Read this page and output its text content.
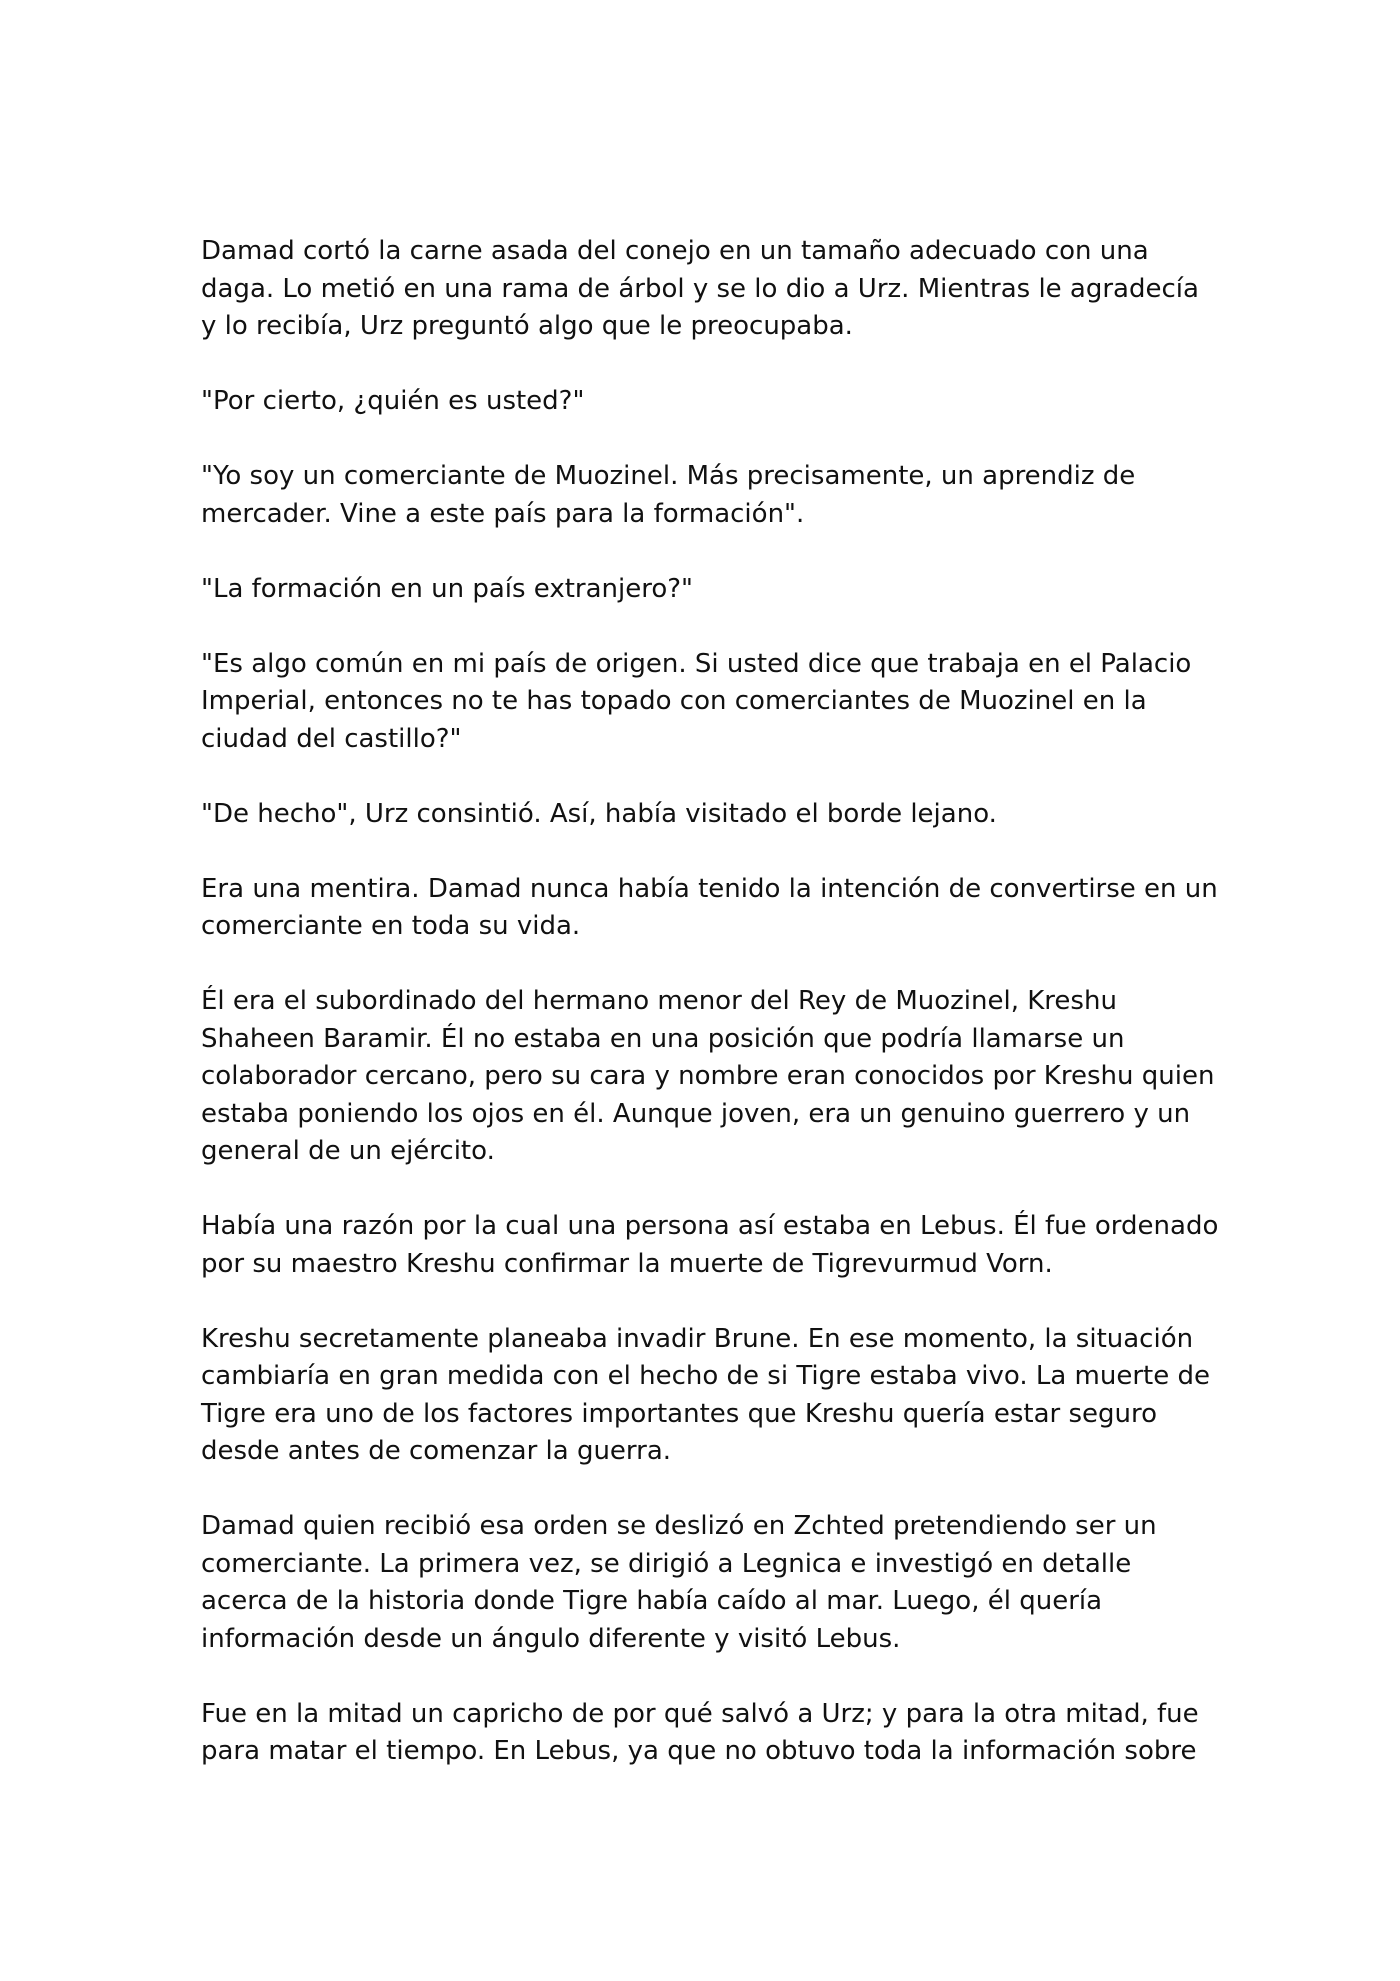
Damad cortó la carne asada del conejo en un tamaño adecuado con una daga. Lo metió en una rama de árbol y se lo dio a Urz. Mientras le agradecía y lo recibía, Urz preguntó algo que le preocupaba.

"Por cierto, ¿quién es usted?"

"Yo soy un comerciante de Muozinel. Más precisamente, un aprendiz de mercader. Vine a este país para la formación".

"La formación en un país extranjero?"

"Es algo común en mi país de origen. Si usted dice que trabaja en el Palacio Imperial, entonces no te has topado con comerciantes de Muozinel en la ciudad del castillo?"

"De hecho", Urz consintió. Así, había visitado el borde lejano.

Era una mentira. Damad nunca había tenido la intención de convertirse en un comerciante en toda su vida.

Él era el subordinado del hermano menor del Rey de Muozinel, Kreshu Shaheen Baramir. Él no estaba en una posición que podría llamarse un colaborador cercano, pero su cara y nombre eran conocidos por Kreshu quien estaba poniendo los ojos en él. Aunque joven, era un genuino guerrero y un general de un ejército.

Había una razón por la cual una persona así estaba en Lebus. Él fue ordenado por su maestro Kreshu confirmar la muerte de Tigrevurmud Vorn.

Kreshu secretamente planeaba invadir Brune. En ese momento, la situación cambiaría en gran medida con el hecho de si Tigre estaba vivo. La muerte de Tigre era uno de los factores importantes que Kreshu quería estar seguro desde antes de comenzar la guerra.

Damad quien recibió esa orden se deslizó en Zchted pretendiendo ser un comerciante. La primera vez, se dirigió a Legnica e investigó en detalle acerca de la historia donde Tigre había caído al mar. Luego, él quería información desde un ángulo diferente y visitó Lebus.

Fue en la mitad un capricho de por qué salvó a Urz; y para la otra mitad, fue para matar el tiempo. En Lebus, ya que no obtuvo toda la información sobre
